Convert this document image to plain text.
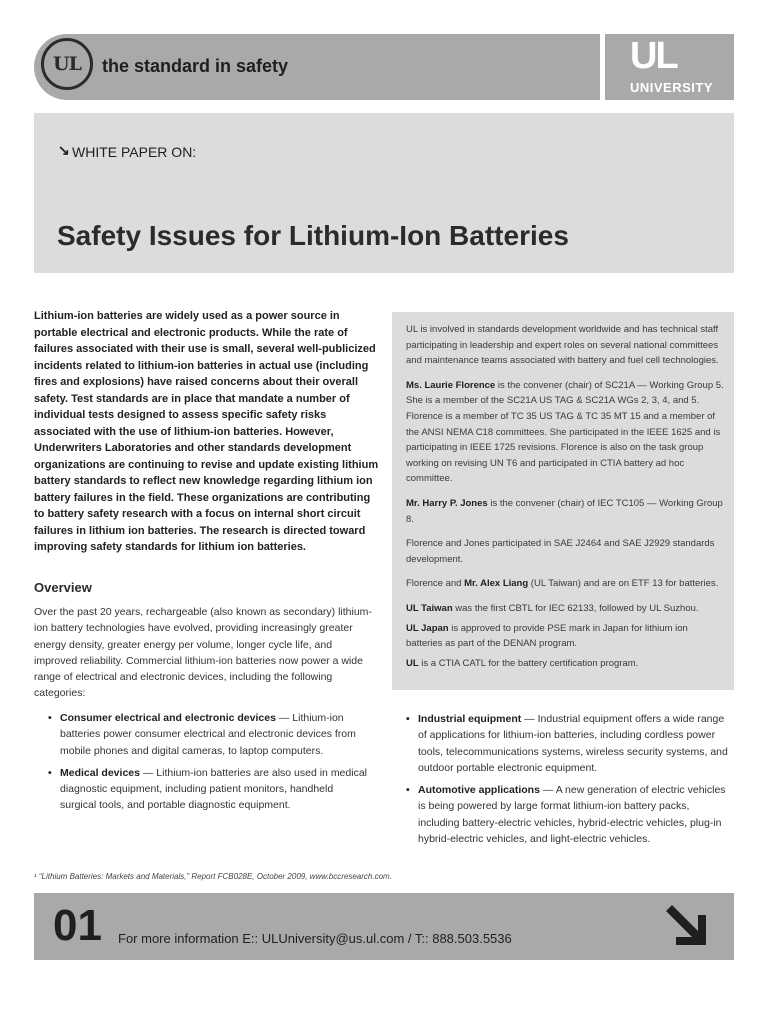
UL the standard in safety	UL
UNIVERSITY
↘ WHITE PAPER ON:
Safety Issues for Lithium-Ion Batteries
Lithium-ion batteries are widely used as a power source in portable electrical and electronic products. While the rate of failures associated with their use is small, several well-publicized incidents related to lithium-ion batteries in actual use (including fires and explosions) have raised concerns about their overall safety. Test standards are in place that mandate a number of individual tests designed to assess specific safety risks associated with the use of lithium-ion batteries. However, Underwriters Laboratories and other standards development organizations are continuing to revise and update existing lithium battery standards to reflect new knowledge regarding lithium ion battery failures in the field. These organizations are contributing to battery safety research with a focus on internal short circuit failures in lithium ion batteries. The research is directed toward improving safety standards for lithium ion batteries.
Overview
Over the past 20 years, rechargeable (also known as secondary) lithium-ion battery technologies have evolved, providing increasingly greater energy density, greater energy per volume, longer cycle life, and improved reliability. Commercial lithium-ion batteries now power a wide range of electrical and electronic devices, including the following categories:
• Consumer electrical and electronic devices — Lithium-ion batteries power consumer electrical and electronic devices from mobile phones and digital cameras, to laptop computers.
• Medical devices — Lithium-ion batteries are also used in medical diagnostic equipment, including patient monitors, handheld surgical tools, and portable diagnostic equipment.
• Industrial equipment — Industrial equipment offers a wide range of applications for lithium-ion batteries, including cordless power tools, telecommunications systems, wireless security systems, and outdoor portable electronic equipment.
• Automotive applications — A new generation of electric vehicles is being powered by large format lithium-ion battery packs, including battery-electric vehicles, hybrid-electric vehicles, plug-in hybrid-electric vehicles, and light-electric vehicles.

UL is involved in standards development worldwide and has technical staff participating in leadership and expert roles on several national committees and maintenance teams associated with battery and fuel cell technologies.

Ms. Laurie Florence is the convener (chair) of SC21A — Working Group 5. She is a member of the SC21A US TAG & SC21A WGs 2, 3, 4, and 5. Florence is a member of TC 35 US TAG & TC 35 MT 15 and a member of the ANSI NEMA C18 committees. She participated in the IEEE 1625 and is participating in IEEE 1725 revisions. Florence is also on the task group working on revising UN T6 and participated in CTIA battery ad hoc committee.

Mr. Harry P. Jones is the convener (chair) of IEC TC105 — Working Group 8.

Florence and Jones participated in SAE J2464 and SAE J2929 standards development.

Florence and Mr. Alex Liang (UL Taiwan) and are on ETF 13 for batteries.

UL Taiwan was the first CBTL for IEC 62133, followed by UL Suzhou.

UL Japan is approved to provide PSE mark in Japan for lithium ion batteries as part of the DENAN program.

UL is a CTIA CATL for the battery certification program.

¹ “Lithium Batteries: Markets and Materials,” Report FCB028E, October 2009, www.bccresearch.com.
01 For more information E:: ULUniversity@us.ul.com / T:: 888.503.5536
